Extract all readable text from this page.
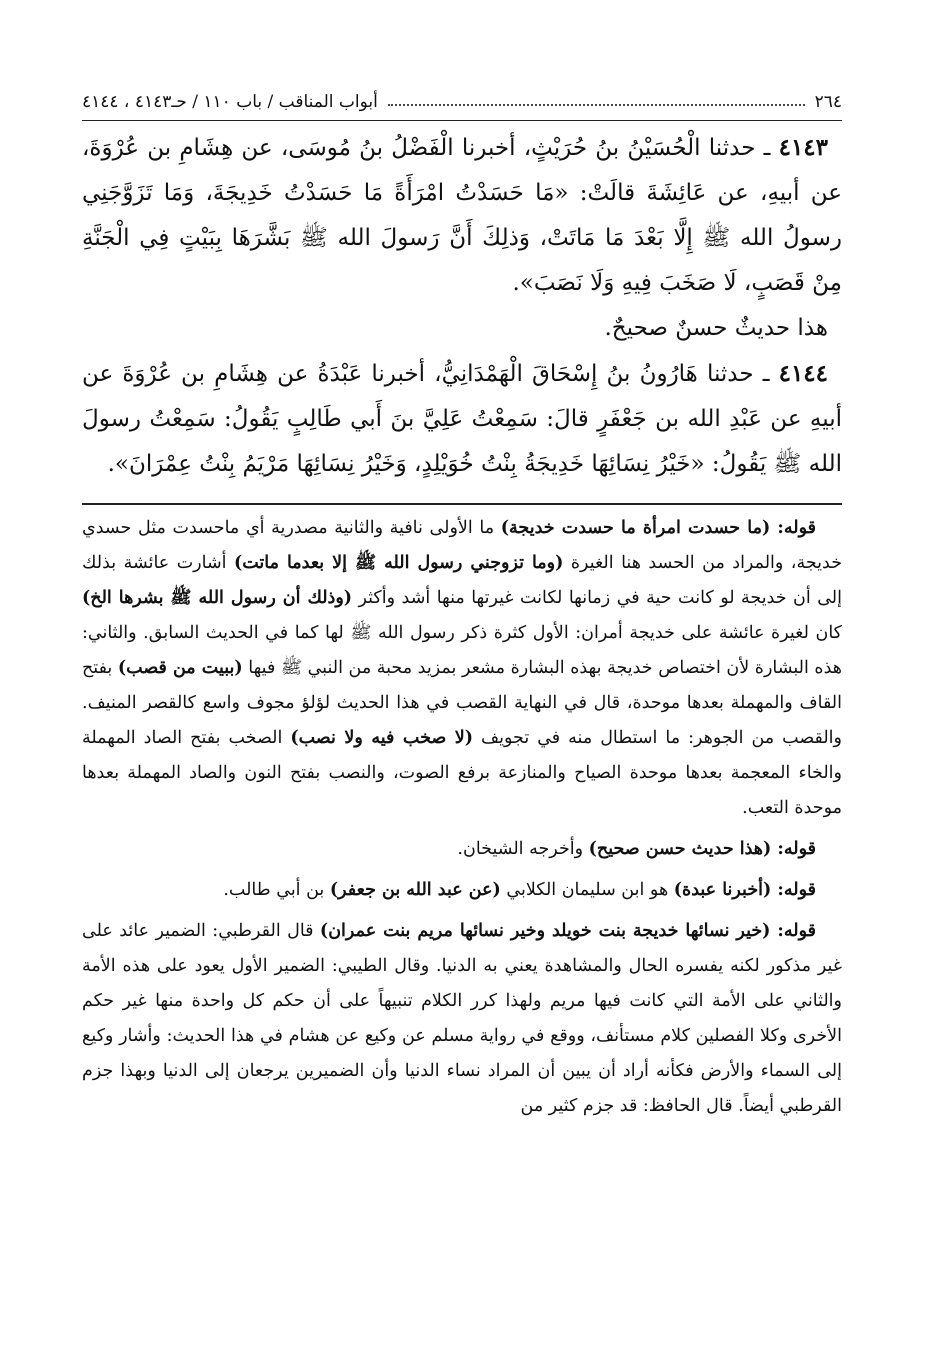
٢٦٤
أبواب المناقب / باب ١١٠ / حـ٤١٤٣ ، ٤١٤٤

٤١٤٣ ـ حدثنا الْحُسَيْنُ بنُ حُرَيْثٍ، أخبرنا الْفَضْلُ بنُ مُوسَى، عن هِشَامِ بن عُرْوَةَ، عن أبيهِ، عن عَائِشَةَ قالَتْ: «مَا حَسَدْتُ امْرَأَةً مَا حَسَدْتُ خَدِيجَةَ، وَمَا تَزَوَّجَنِي رسولُ الله ﷺ إِلَّا بَعْدَ مَا مَاتَتْ، وَذلِكَ أَنَّ رَسولَ الله ﷺ بَشَّرَهَا بِبَيْتٍ فِي الْجَنَّةِ مِنْ قَصَبٍ، لَا صَخَبَ فِيهِ وَلَا نَصَبَ».

هذا حديثٌ حسنٌ صحيحٌ.

٤١٤٤ ـ حدثنا هَارُونُ بنُ إِسْحَاقَ الْهَمْدَانِيُّ، أخبرنا عَبْدَةُ عن هِشَامِ بن عُرْوَةَ عن أبيهِ عن عَبْدِ الله بن جَعْفَرٍ قالَ: سَمِعْتُ عَلِيَّ بنَ أَبي طَالِبٍ يَقُولُ: سَمِعْتُ رسولَ الله ﷺ يَقُولُ: «خَيْرُ نِسَائِهَا خَدِيجَةُ بِنْتُ خُوَيْلِدٍ، وَخَيْرُ نِسَائِهَا مَرْيَمُ بِنْتُ عِمْرَانَ».

قوله: (ما حسدت امرأة ما حسدت خديجة) ما الأولى نافية والثانية مصدرية أي ماحسدت مثل حسدي خديجة، والمراد من الحسد هنا الغيرة (وما تزوجني رسول الله ﷺ إلا بعدما ماتت) أشارت عائشة بذلك إلى أن خديجة لو كانت حية في زمانها لكانت غيرتها منها أشد وأكثر (وذلك أن رسول الله ﷺ بشرها الخ) كان لغيرة عائشة على خديجة أمران: الأول كثرة ذكر رسول الله ﷺ لها كما في الحديث السابق. والثاني: هذه البشارة لأن اختصاص خديجة بهذه البشارة مشعر بمزيد محبة من النبي ﷺ فيها (ببيت من قصب) بفتح القاف والمهملة بعدها موحدة، قال في النهاية القصب في هذا الحديث لؤلؤ مجوف واسع كالقصر المنيف. والقصب من الجوهر: ما استطال منه في تجويف (لا صخب فيه ولا نصب) الصخب بفتح الصاد المهملة والخاء المعجمة بعدها موحدة الصياح والمنازعة برفع الصوت، والنصب بفتح النون والصاد المهملة بعدها موحدة التعب.

قوله: (هذا حديث حسن صحيح) وأخرجه الشيخان.

قوله: (أخبرنا عبدة) هو ابن سليمان الكلابي (عن عبد الله بن جعفر) بن أبي طالب.

قوله: (خير نسائها خديجة بنت خويلد وخير نسائها مريم بنت عمران) قال القرطبي: الضمير عائد على غير مذكور لكنه يفسره الحال والمشاهدة يعني به الدنيا. وقال الطيبي: الضمير الأول يعود على هذه الأمة والثاني على الأمة التي كانت فيها مريم ولهذا كرر الكلام تنبيهاً على أن حكم كل واحدة منها غير حكم الأخرى وكلا الفصلين كلام مستأنف، ووقع في رواية مسلم عن وكيع عن هشام في هذا الحديث: وأشار وكيع إلى السماء والأرض فكأنه أراد أن يبين أن المراد نساء الدنيا وأن الضميرين يرجعان إلى الدنيا وبهذا جزم القرطبي أيضاً. قال الحافظ: قد جزم كثير من
